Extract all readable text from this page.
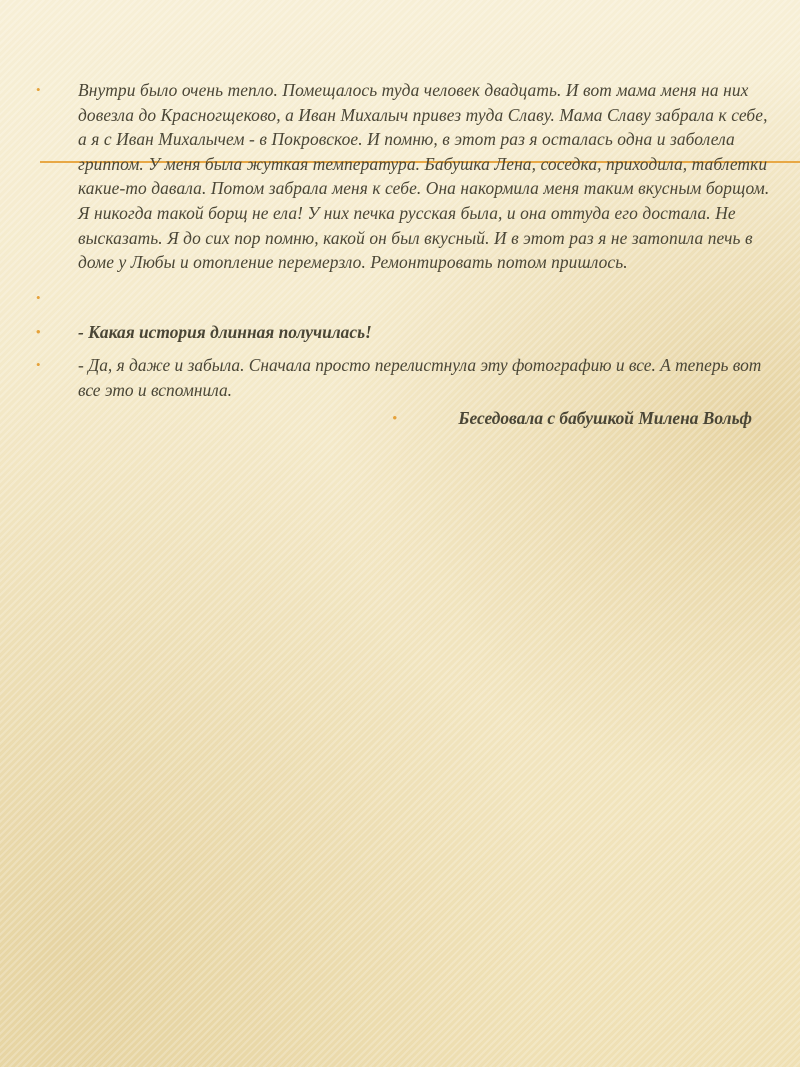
•	Внутри было очень тепло. Помещалось туда человек двадцать. И вот мама меня на них довезла до Красногщеково, а Иван Михалыч привез туда Славу. Мама Славу забрала к себе, а я с Иван Михалычем - в Покровское. И помню, в этот раз я осталась одна и заболела гриппом. У меня была жуткая температура. Бабушка Лена, соседка, приходила, таблетки какие-то давала. Потом забрала меня к себе. Она накормила меня таким вкусным борщом. Я никогда такой борщ не ела! У них печка русская была, и она оттуда его достала. Не высказать. Я до сих пор помню, какой он был вкусный. И в этот раз я не затопила печь в доме у Любы и отопление перемерзло. Ремонтировать потом пришлось.
•
•	- Какая история длинная получилась!
•	- Да, я даже и забыла. Сначала просто перелистнула эту фотографию и все. А теперь вот все это и вспомнила.
•	Беседовала с бабушкой Милена Вольф
